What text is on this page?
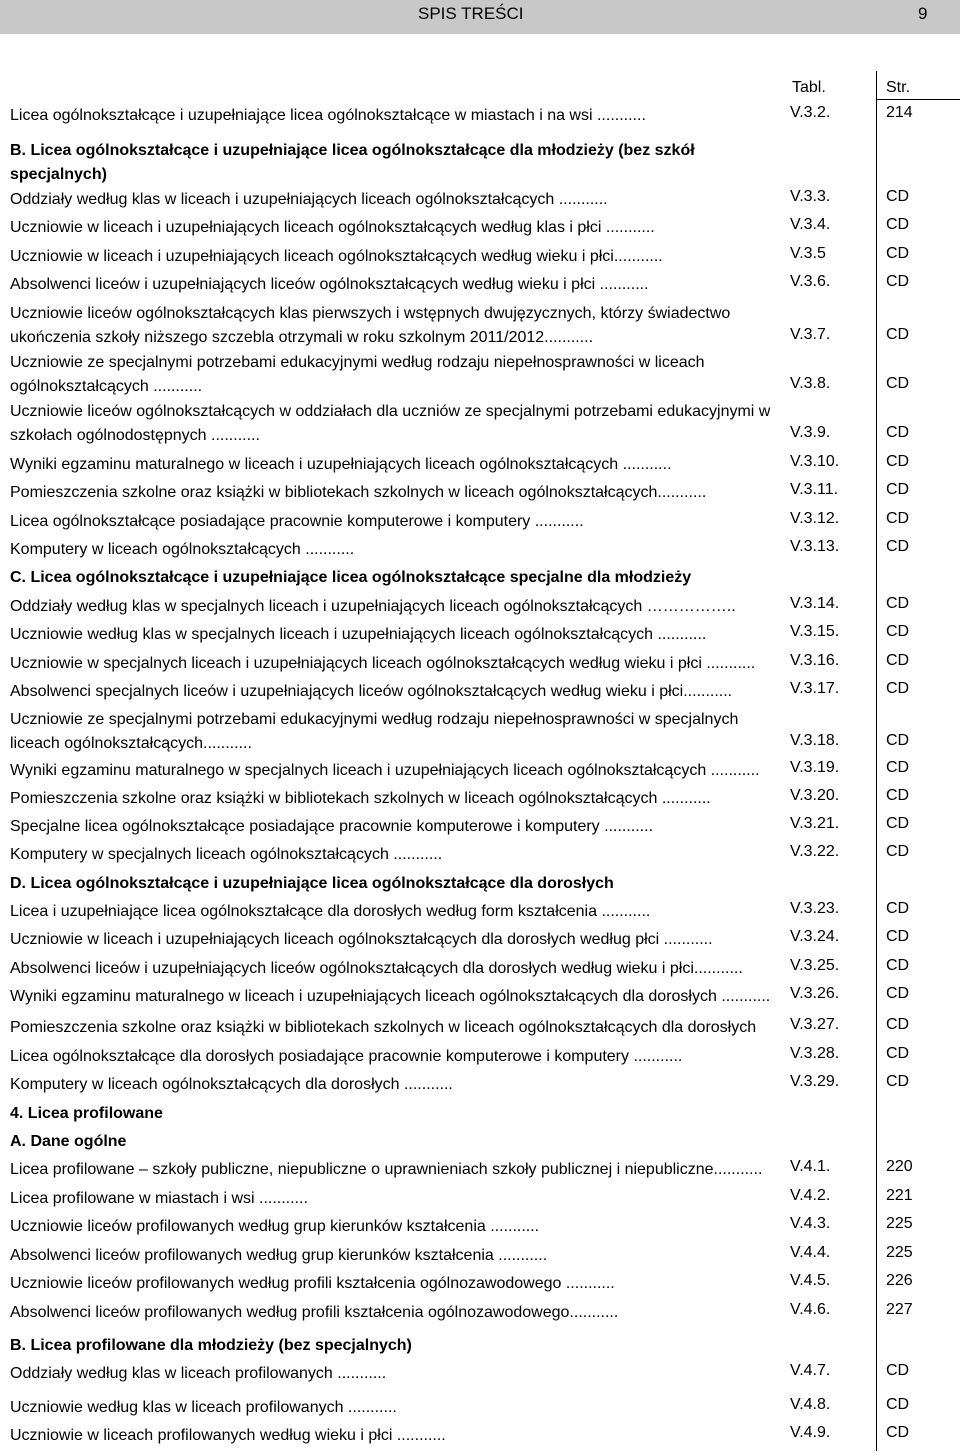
SPIS TREŚCI	9
Tabl.	Str.
Licea ogólnokształcące i uzupełniające licea ogólnokształcące w miastach i na wsi ...........	V.3.2.	214
B. Licea ogólnokształcące i uzupełniające licea ogólnokształcące dla młodzieży (bez szkół specjalnych)
Oddziały według klas w liceach i uzupełniających liceach ogólnokształcących ...........	V.3.3.	CD
Uczniowie w liceach i uzupełniających liceach ogólnokształcących według klas i płci ...........	V.3.4.	CD
Uczniowie w liceach i uzupełniających liceach ogólnokształcących według wieku i płci...........	V.3.5	CD
Absolwenci liceów i uzupełniających liceów ogólnokształcących według wieku i płci ...........	V.3.6.	CD
Uczniowie liceów ogólnokształcących klas pierwszych i wstępnych dwujęzycznych, którzy świadectwo ukończenia szkoły niższego szczebla otrzymali w roku szkolnym 2011/2012...........	V.3.7.	CD
Uczniowie ze specjalnymi potrzebami edukacyjnymi według rodzaju niepełnosprawności w liceach ogólnokształcących ...........	V.3.8.	CD
Uczniowie liceów ogólnokształcących w oddziałach dla uczniów ze specjalnymi potrzebami edukacyjnymi w szkołach ogólnodostępnych ...........	V.3.9.	CD
Wyniki egzaminu maturalnego w liceach i uzupełniających liceach ogólnokształcących ...........	V.3.10.	CD
Pomieszczenia szkolne oraz książki w bibliotekach szkolnych w liceach ogólnokształcących...........	V.3.11.	CD
Licea ogólnokształcące posiadające pracownie komputerowe i komputery ...........	V.3.12.	CD
Komputery w liceach ogólnokształcących ...........	V.3.13.	CD
C. Licea ogólnokształcące i uzupełniające licea ogólnokształcące specjalne dla młodzieży
Oddziały według klas w specjalnych liceach i uzupełniających liceach ogólnokształcących ……………..	V.3.14.	CD
Uczniowie według klas w specjalnych liceach i uzupełniających liceach ogólnokształcących ...........	V.3.15.	CD
Uczniowie w specjalnych liceach i uzupełniających liceach ogólnokształcących według wieku i płci ...........	V.3.16.	CD
Absolwenci specjalnych liceów i uzupełniających liceów ogólnokształcących według wieku i płci...........	V.3.17.	CD
Uczniowie ze specjalnymi potrzebami edukacyjnymi według rodzaju niepełnosprawności w specjalnych liceach ogólnokształcących...........	V.3.18.	CD
Wyniki egzaminu maturalnego w specjalnych liceach i uzupełniających liceach ogólnokształcących ...........	V.3.19.	CD
Pomieszczenia szkolne oraz książki w bibliotekach szkolnych w liceach ogólnokształcących ...........	V.3.20.	CD
Specjalne licea ogólnokształcące posiadające pracownie komputerowe i komputery ...........	V.3.21.	CD
Komputery w specjalnych liceach ogólnokształcących ...........	V.3.22.	CD
D. Licea ogólnokształcące i uzupełniające licea ogólnokształcące dla dorosłych
Licea i uzupełniające licea ogólnokształcące dla dorosłych według form kształcenia ...........	V.3.23.	CD
Uczniowie w liceach i uzupełniających liceach ogólnokształcących dla dorosłych według płci ...........	V.3.24.	CD
Absolwenci liceów i uzupełniających liceów ogólnokształcących dla dorosłych według wieku i płci...........	V.3.25.	CD
Wyniki egzaminu maturalnego w liceach i uzupełniających liceach ogólnokształcących dla dorosłych ........... V.3.26.	CD
Pomieszczenia szkolne oraz książki w bibliotekach szkolnych w liceach ogólnokształcących dla dorosłych	V.3.27.	CD
Licea ogólnokształcące dla dorosłych posiadające pracownie komputerowe i komputery ...........	V.3.28.	CD
Komputery w liceach ogólnokształcących dla dorosłych ...........	V.3.29.	CD
4. Licea profilowane
A. Dane ogólne
Licea profilowane – szkoły publiczne, niepubliczne o uprawnieniach szkoły publicznej i niepubliczne...........	V.4.1.	220
Licea profilowane w miastach i wsi ...........	V.4.2.	221
Uczniowie liceów profilowanych według grup kierunków kształcenia ...........	V.4.3.	225
Absolwenci liceów profilowanych według grup kierunków kształcenia ...........	V.4.4.	225
Uczniowie liceów profilowanych według profili kształcenia ogólnozawodowego ...........	V.4.5.	226
Absolwenci liceów profilowanych według profili kształcenia ogólnozawodowego...........	V.4.6.	227
B. Licea profilowane dla młodzieży (bez specjalnych)
Oddziały według klas w liceach profilowanych ...........	V.4.7.	CD
Uczniowie według klas w liceach profilowanych ...........	V.4.8.	CD
Uczniowie w liceach profilowanych według wieku i płci ...........	V.4.9.	CD
